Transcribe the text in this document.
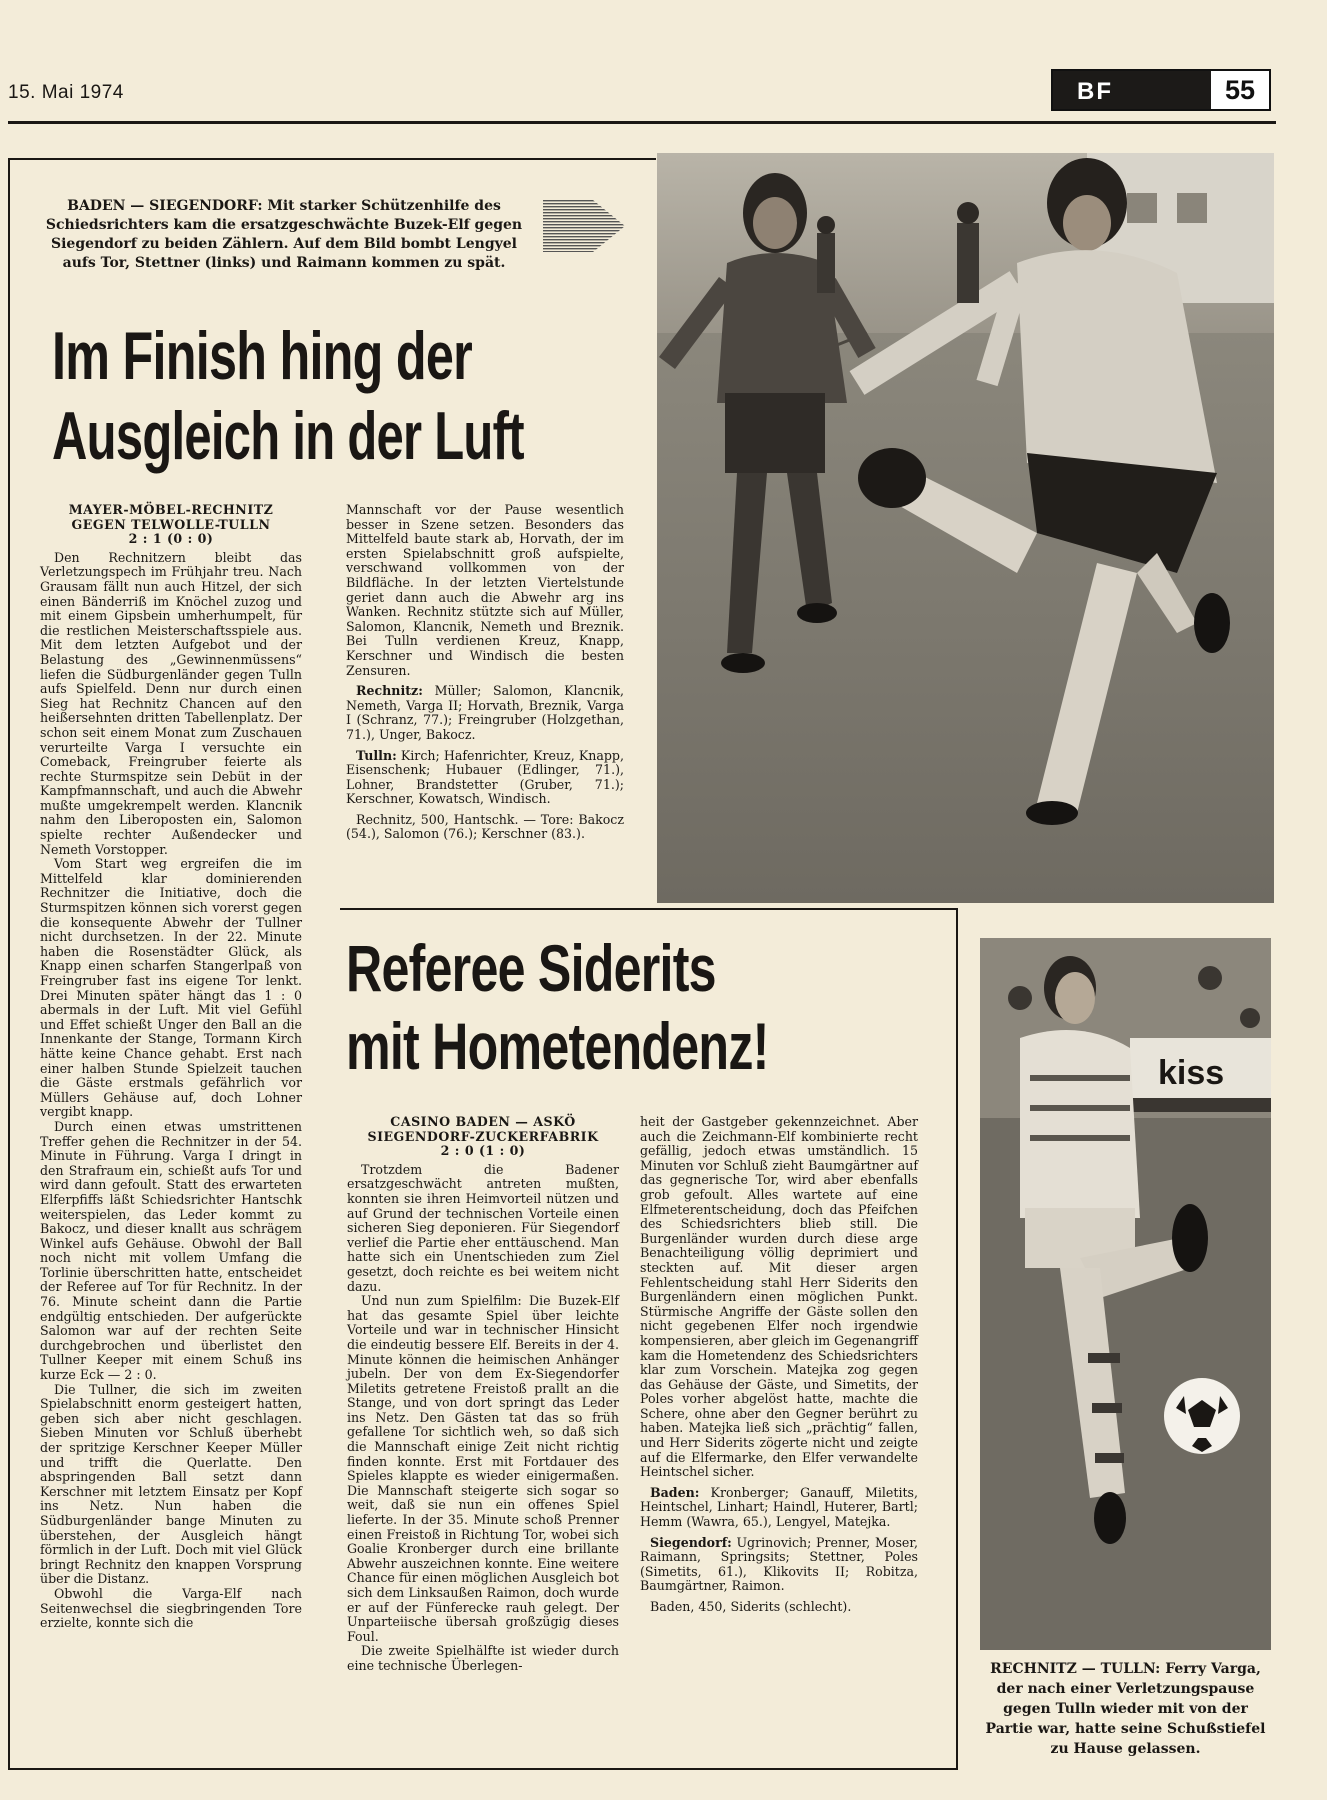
15. Mai 1974	BF	55
BADEN — SIEGENDORF: Mit starker Schützenhilfe des Schiedsrichters kam die ersatzgeschwächte Buzek-Elf gegen Siegendorf zu beiden Zählern. Auf dem Bild bombt Lengyel aufs Tor, Stettner (links) und Raimann kommen zu spät.
Im Finish hing der
Ausgleich in der Luft
MAYER-MÖBEL-RECHNITZ
GEGEN TELWOLLE-TULLN
2 : 1 (0 : 0)

Den Rechnitzern bleibt das Verletzungspech im Frühjahr treu. Nach Grausam fällt nun auch Hitzel, der sich einen Bänderriß im Knöchel zuzog und mit einem Gipsbein umherhumpelt, für die restlichen Meisterschaftsspiele aus. Mit dem letzten Aufgebot und der Belastung des „Gewinnenmüssens“ liefen die Südburgenländer gegen Tulln aufs Spielfeld. Denn nur durch einen Sieg hat Rechnitz Chancen auf den heißersehnten dritten Tabellenplatz. Der schon seit einem Monat zum Zuschauen verurteilte Varga I versuchte ein Comeback, Freingruber feierte als rechte Sturmspitze sein Debüt in der Kampfmannschaft, und auch die Abwehr mußte umgekrempelt werden. Klancnik nahm den Liberoposten ein, Salomon spielte rechter Außendecker und Nemeth Vorstopper.

Vom Start weg ergreifen die im Mittelfeld klar dominierenden Rechnitzer die Initiative, doch die Sturmspitzen können sich vorerst gegen die konsequente Abwehr der Tullner nicht durchsetzen. In der 22. Minute haben die Rosenstädter Glück, als Knapp einen scharfen Stangerlpaß von Freingruber fast ins eigene Tor lenkt. Drei Minuten später hängt das 1 : 0 abermals in der Luft. Mit viel Gefühl und Effet schießt Unger den Ball an die Innenkante der Stange, Tormann Kirch hätte keine Chance gehabt. Erst nach einer halben Stunde Spielzeit tauchen die Gäste erstmals gefährlich vor Müllers Gehäuse auf, doch Lohner vergibt knapp.

Durch einen etwas umstrittenen Treffer gehen die Rechnitzer in der 54. Minute in Führung. Varga I dringt in den Strafraum ein, schießt aufs Tor und wird dann gefoult. Statt des erwarteten Elferpfiffs läßt Schiedsrichter Hantschk weiterspielen, das Leder kommt zu Bakocz, und dieser knallt aus schrägem Winkel aufs Gehäuse. Obwohl der Ball noch nicht mit vollem Umfang die Torlinie überschritten hatte, entscheidet der Referee auf Tor für Rechnitz. In der 76. Minute scheint dann die Partie endgültig entschieden. Der aufgerückte Salomon war auf der rechten Seite durchgebrochen und überlistet den Tullner Keeper mit einem Schuß ins kurze Eck — 2 : 0.

Die Tullner, die sich im zweiten Spielabschnitt enorm gesteigert hatten, geben sich aber nicht geschlagen. Sieben Minuten vor Schluß überhebt der spritzige Kerschner Keeper Müller und trifft die Querlatte. Den abspringenden Ball setzt dann Kerschner mit letztem Einsatz per Kopf ins Netz. Nun haben die Südburgenländer bange Minuten zu überstehen, der Ausgleich hängt förmlich in der Luft. Doch mit viel Glück bringt Rechnitz den knappen Vorsprung über die Distanz.

Obwohl die Varga-Elf nach Seitenwechsel die siegbringenden Tore erzielte, konnte sich die

Mannschaft vor der Pause wesentlich besser in Szene setzen. Besonders das Mittelfeld baute stark ab, Horvath, der im ersten Spielabschnitt groß aufspielte, verschwand vollkommen von der Bildfläche. In der letzten Viertelstunde geriet dann auch die Abwehr arg ins Wanken. Rechnitz stützte sich auf Müller, Salomon, Klancnik, Nemeth und Breznik. Bei Tulln verdienen Kreuz, Knapp, Kerschner und Windisch die besten Zensuren.

Rechnitz: Müller; Salomon, Klancnik, Nemeth, Varga II; Horvath, Breznik, Varga I (Schranz, 77.); Freingruber (Holzgethan, 71.), Unger, Bakocz.

Tulln: Kirch; Hafenrichter, Kreuz, Knapp, Eisenschenk; Hubauer (Edlinger, 71.), Lohner, Brandstetter (Gruber, 71.); Kerschner, Kowatsch, Windisch.

Rechnitz, 500, Hantschk. — Tore: Bakocz (54.), Salomon (76.); Kerschner (83.).

Referee Siderits
mit Hometendenz!
CASINO BADEN — ASKÖ
SIEGENDORF-ZUCKERFABRIK
2 : 0 (1 : 0)

Trotzdem die Badener ersatzgeschwächt antreten mußten, konnten sie ihren Heimvorteil nützen und auf Grund der technischen Vorteile einen sicheren Sieg deponieren. Für Siegendorf verlief die Partie eher enttäuschend. Man hatte sich ein Unentschieden zum Ziel gesetzt, doch reichte es bei weitem nicht dazu.

Und nun zum Spielfilm: Die Buzek-Elf hat das gesamte Spiel über leichte Vorteile und war in technischer Hinsicht die eindeutig bessere Elf. Bereits in der 4. Minute können die heimischen Anhänger jubeln. Der von dem Ex-Siegendorfer Miletits getretene Freistoß prallt an die Stange, und von dort springt das Leder ins Netz. Den Gästen tat das so früh gefallene Tor sichtlich weh, so daß sich die Mannschaft einige Zeit nicht richtig finden konnte. Erst mit Fortdauer des Spieles klappte es wieder einigermaßen. Die Mannschaft steigerte sich sogar so weit, daß sie nun ein offenes Spiel lieferte. In der 35. Minute schoß Prenner einen Freistoß in Richtung Tor, wobei sich Goalie Kronberger durch eine brillante Abwehr auszeichnen konnte. Eine weitere Chance für einen möglichen Ausgleich bot sich dem Linksaußen Raimon, doch wurde er auf der Fünferecke rauh gelegt. Der Unparteiische übersah großzügig dieses Foul.

Die zweite Spielhälfte ist wieder durch eine technische Überlegen-

heit der Gastgeber gekennzeichnet. Aber auch die Zeichmann-Elf kombinierte recht gefällig, jedoch etwas umständlich. 15 Minuten vor Schluß zieht Baumgärtner auf das gegnerische Tor, wird aber ebenfalls grob gefoult. Alles wartete auf eine Elfmeterentscheidung, doch das Pfeifchen des Schiedsrichters blieb still. Die Burgenländer wurden durch diese arge Benachteiligung völlig deprimiert und steckten auf. Mit dieser argen Fehlentscheidung stahl Herr Siderits den Burgenländern einen möglichen Punkt. Stürmische Angriffe der Gäste sollen den nicht gegebenen Elfer noch irgendwie kompensieren, aber gleich im Gegenangriff kam die Hometendenz des Schiedsrichters klar zum Vorschein. Matejka zog gegen das Gehäuse der Gäste, und Simetits, der Poles vorher abgelöst hatte, machte die Schere, ohne aber den Gegner berührt zu haben. Matejka ließ sich „prächtig“ fallen, und Herr Siderits zögerte nicht und zeigte auf die Elfermarke, den Elfer verwandelte Heintschel sicher.

Baden: Kronberger; Ganauff, Miletits, Heintschel, Linhart; Haindl, Huterer, Bartl; Hemm (Wawra, 65.), Lengyel, Matejka.

Siegendorf: Ugrinovich; Prenner, Moser, Raimann, Springsits; Stettner, Poles (Simetits, 61.), Klikovits II; Robitza, Baumgärtner, Raimon.

Baden, 450, Siderits (schlecht).

kiss
RECHNITZ — TULLN: Ferry Varga, der nach einer Verletzungspause gegen Tulln wieder mit von der Partie war, hatte seine Schußstiefel zu Hause gelassen.
